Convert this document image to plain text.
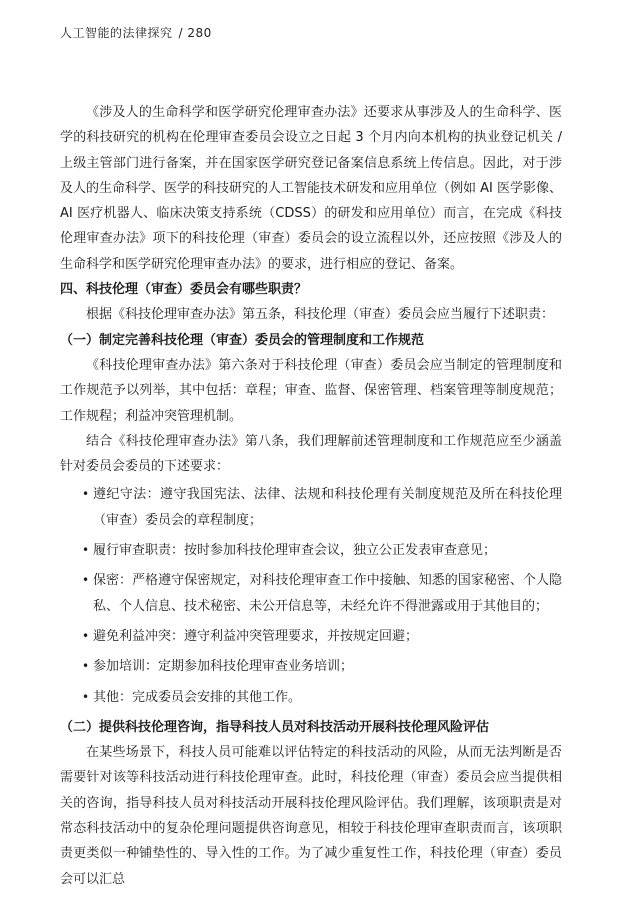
人工智能的法律探究 / 280

《涉及人的生命科学和医学研究伦理审查办法》还要求从事涉及人的生命科学、医学的科技研究的机构在伦理审查委员会设立之日起 3 个月内向本机构的执业登记机关 / 上级主管部门进行备案，并在国家医学研究登记备案信息系统上传信息。因此，对于涉及人的生命科学、医学的科技研究的人工智能技术研发和应用单位（例如 AI 医学影像、AI 医疗机器人、临床决策支持系统（CDSS）的研发和应用单位）而言，在完成《科技伦理审查办法》项下的科技伦理（审查）委员会的设立流程以外，还应按照《涉及人的生命科学和医学研究伦理审查办法》的要求，进行相应的登记、备案。

四、科技伦理（审查）委员会有哪些职责？

根据《科技伦理审查办法》第五条，科技伦理（审查）委员会应当履行下述职责：

（一）制定完善科技伦理（审查）委员会的管理制度和工作规范

《科技伦理审查办法》第六条对于科技伦理（审查）委员会应当制定的管理制度和工作规范予以列举，其中包括：章程；审查、监督、保密管理、档案管理等制度规范；工作规程；利益冲突管理机制。

结合《科技伦理审查办法》第八条，我们理解前述管理制度和工作规范应至少涵盖针对委员会委员的下述要求：

• 遵纪守法：遵守我国宪法、法律、法规和科技伦理有关制度规范及所在科技伦理（审查）委员会的章程制度；
• 履行审查职责：按时参加科技伦理审查会议，独立公正发表审查意见；
• 保密：严格遵守保密规定，对科技伦理审查工作中接触、知悉的国家秘密、个人隐私、个人信息、技术秘密、未公开信息等，未经允许不得泄露或用于其他目的；
• 避免利益冲突：遵守利益冲突管理要求，并按规定回避；
• 参加培训：定期参加科技伦理审查业务培训；
• 其他：完成委员会安排的其他工作。

（二）提供科技伦理咨询，指导科技人员对科技活动开展科技伦理风险评估

在某些场景下，科技人员可能难以评估特定的科技活动的风险，从而无法判断是否需要针对该等科技活动进行科技伦理审查。此时，科技伦理（审查）委员会应当提供相关的咨询，指导科技人员对科技活动开展科技伦理风险评估。我们理解，该项职责是对常态科技活动中的复杂伦理问题提供咨询意见，相较于科技伦理审查职责而言，该项职责更类似一种铺垫性的、导入性的工作。为了减少重复性工作，科技伦理（审查）委员会可以汇总
